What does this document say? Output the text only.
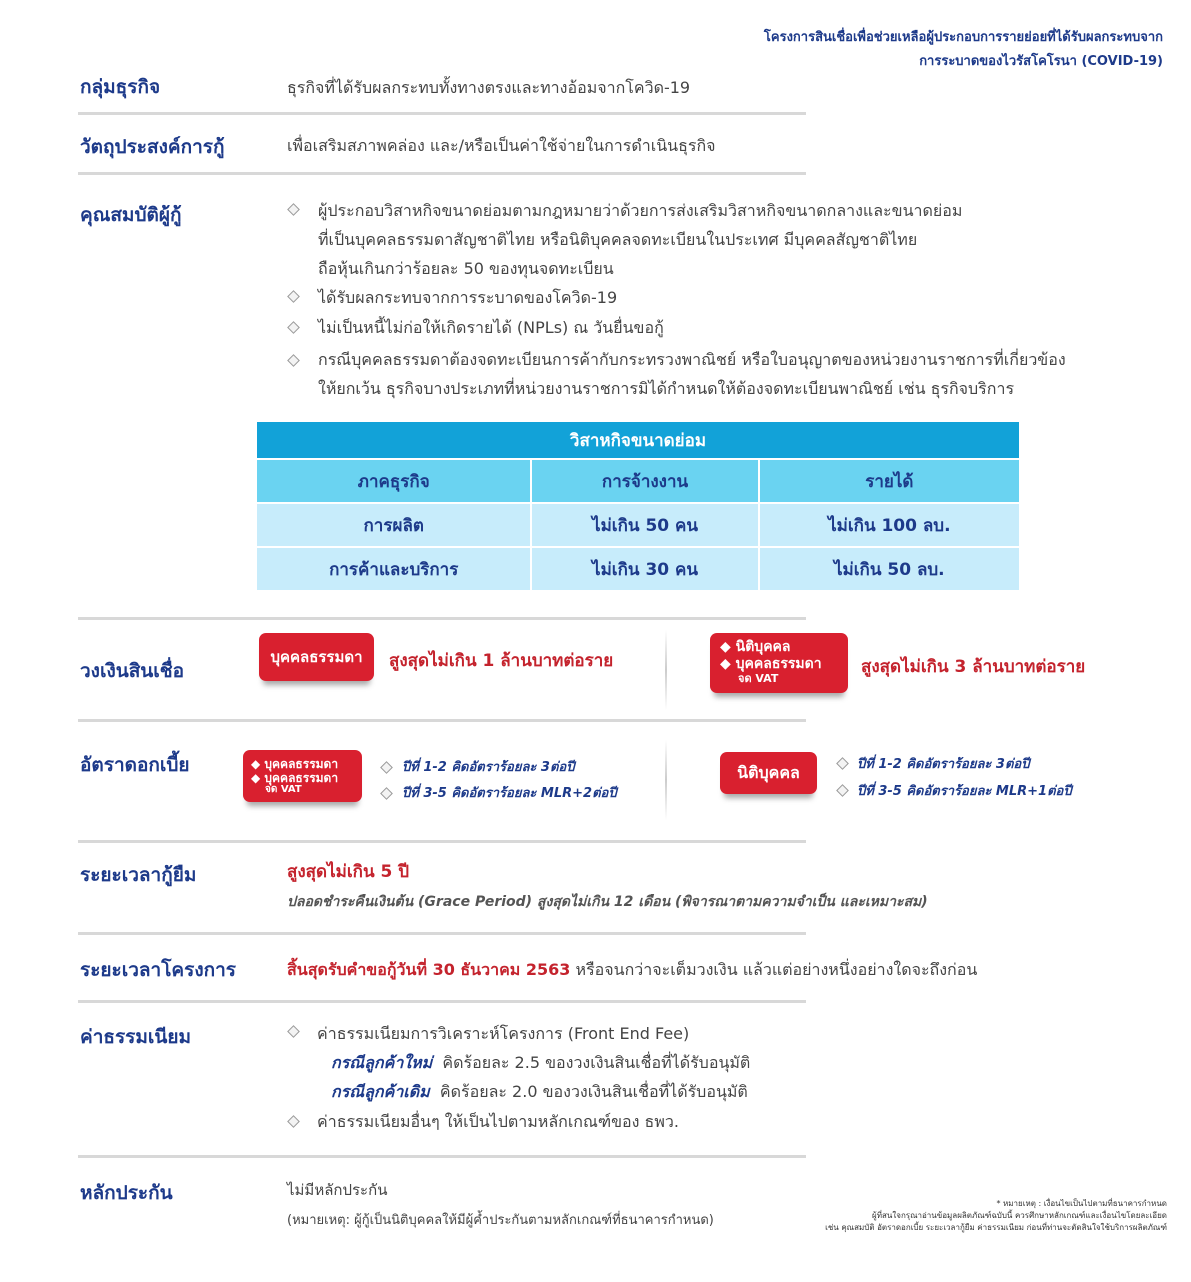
โครงการสินเชื่อเพื่อช่วยเหลือผู้ประกอบการรายย่อยที่ได้รับผลกระทบจาก
การระบาดของไวรัสโคโรนา (COVID-19)
กลุ่มธุรกิจ	ธุรกิจที่ได้รับผลกระทบทั้งทางตรงและทางอ้อมจากโควิด-19
วัตถุประสงค์การกู้	เพื่อเสริมสภาพคล่อง และ/หรือเป็นค่าใช้จ่ายในการดำเนินธุรกิจ
คุณสมบัติผู้กู้	ผู้ประกอบวิสาหกิจขนาดย่อมตามกฎหมายว่าด้วยการส่งเสริมวิสาหกิจขนาดกลางและขนาดย่อม
ที่เป็นบุคคลธรรมดาสัญชาติไทย หรือนิติบุคคลจดทะเบียนในประเทศ มีบุคคลสัญชาติไทย
ถือหุ้นเกินกว่าร้อยละ 50 ของทุนจดทะเบียน
ได้รับผลกระทบจากการระบาดของโควิด-19
ไม่เป็นหนี้ไม่ก่อให้เกิดรายได้ (NPLs) ณ วันยื่นขอกู้
กรณีบุคคลธรรมดาต้องจดทะเบียนการค้ากับกระทรวงพาณิชย์ หรือใบอนุญาตของหน่วยงานราชการที่เกี่ยวข้อง
ให้ยกเว้น ธุรกิจบางประเภทที่หน่วยงานราชการมิได้กำหนดให้ต้องจดทะเบียนพาณิชย์ เช่น ธุรกิจบริการ
วิสาหกิจขนาดย่อม		
ภาคธุรกิจ	การจ้างงาน	รายได้
การผลิต	ไม่เกิน 50 คน	ไม่เกิน 100 ลบ.
การค้าและบริการ	ไม่เกิน 30 คน	ไม่เกิน 50 ลบ.
วงเงินสินเชื่อ
บุคคลธรรมดา	สูงสุดไม่เกิน 1 ล้านบาทต่อราย
◆ นิติบุคคล
◆ บุคคลธรรมดา
จด VAT
สูงสุดไม่เกิน 3 ล้านบาทต่อราย
อัตราดอกเบี้ย	◆ บุคคลธรรมดา
◆ บุคคลธรรมดา
จด VAT
ปีที่ 1-2 คิดอัตราร้อยละ 3ต่อปี
ปีที่ 3-5 คิดอัตราร้อยละ MLR+2ต่อปี
นิติบุคคล	ปีที่ 1-2 คิดอัตราร้อยละ 3ต่อปี
ปีที่ 3-5 คิดอัตราร้อยละ MLR+1ต่อปี
ระยะเวลากู้ยืม	สูงสุดไม่เกิน 5 ปี
ปลอดชำระคืนเงินต้น (Grace Period) สูงสุดไม่เกิน 12 เดือน (พิจารณาตามความจำเป็น และเหมาะสม)
ระยะเวลาโครงการ	สิ้นสุดรับคำขอกู้วันที่ 30 ธันวาคม 2563 หรือจนกว่าจะเต็มวงเงิน แล้วแต่อย่างหนึ่งอย่างใดจะถึงก่อน
ค่าธรรมเนียม	ค่าธรรมเนียมการวิเคราะห์โครงการ (Front End Fee)
กรณีลูกค้าใหม่ คิดร้อยละ 2.5 ของวงเงินสินเชื่อที่ได้รับอนุมัติ
กรณีลูกค้าเดิม คิดร้อยละ 2.0 ของวงเงินสินเชื่อที่ได้รับอนุมัติ
ค่าธรรมเนียมอื่นๆ ให้เป็นไปตามหลักเกณฑ์ของ ธพว.
หลักประกัน	ไม่มีหลักประกัน
(หมายเหตุ: ผู้กู้เป็นนิติบุคคลให้มีผู้ค้ำประกันตามหลักเกณฑ์ที่ธนาคารกำหนด)
* หมายเหตุ : เงื่อนไขเป็นไปตามที่ธนาคารกำหนด
ผู้ที่สนใจกรุณาอ่านข้อมูลผลิตภัณฑ์ฉบับนี้ ควรศึกษาหลักเกณฑ์และเงื่อนไขโดยละเอียด
เช่น คุณสมบัติ อัตราดอกเบี้ย ระยะเวลากู้ยืม ค่าธรรมเนียม ก่อนที่ท่านจะตัดสินใจใช้บริการผลิตภัณฑ์
